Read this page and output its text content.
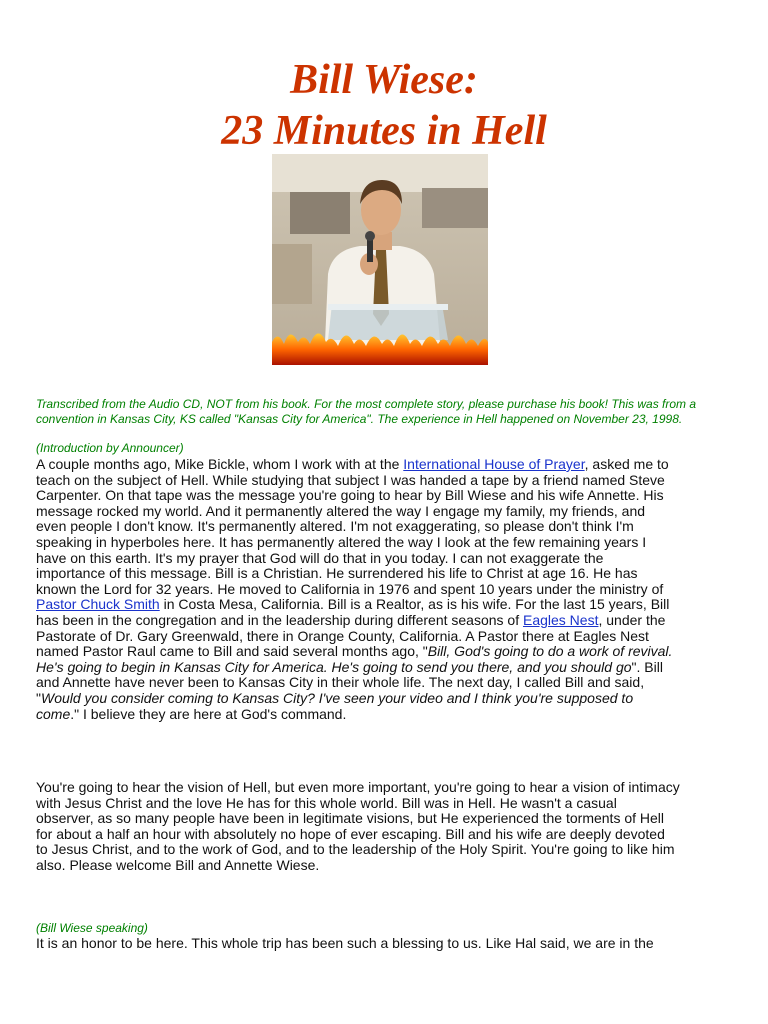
Bill Wiese:
23 Minutes in Hell

Transcribed from the Audio CD, NOT from his book. For the most complete story, please purchase his book! This was from a
convention in Kansas City, KS called "Kansas City for America". The experience in Hell happened on November 23, 1998.

(Introduction by Announcer)

A couple months ago, Mike Bickle, whom I work with at the International House of Prayer, asked me to
teach on the subject of Hell. While studying that subject I was handed a tape by a friend named Steve
Carpenter. On that tape was the message you're going to hear by Bill Wiese and his wife Annette. His
message rocked my world. And it permanently altered the way I engage my family, my friends, and
even people I don't know. It's permanently altered. I'm not exaggerating, so please don't think I'm
speaking in hyperboles here. It has permanently altered the way I look at the few remaining years I
have on this earth. It's my prayer that God will do that in you today. I can not exaggerate the
importance of this message. Bill is a Christian. He surrendered his life to Christ at age 16. He has
known the Lord for 32 years. He moved to California in 1976 and spent 10 years under the ministry of
Pastor Chuck Smith in Costa Mesa, California. Bill is a Realtor, as is his wife. For the last 15 years, Bill
has been in the congregation and in the leadership during different seasons of Eagles Nest, under the
Pastorate of Dr. Gary Greenwald, there in Orange County, California. A Pastor there at Eagles Nest
named Pastor Raul came to Bill and said several months ago, "Bill, God's going to do a work of revival.
He's going to begin in Kansas City for America. He's going to send you there, and you should go". Bill
and Annette have never been to Kansas City in their whole life. The next day, I called Bill and said,
"Would you consider coming to Kansas City? I've seen your video and I think you're supposed to
come." I believe they are here at God's command.
You're going to hear the vision of Hell, but even more important, you're going to hear a vision of intimacy
with Jesus Christ and the love He has for this whole world. Bill was in Hell. He wasn't a casual
observer, as so many people have been in legitimate visions, but He experienced the torments of Hell
for about a half an hour with absolutely no hope of ever escaping. Bill and his wife are deeply devoted
to Jesus Christ, and to the work of God, and to the leadership of the Holy Spirit. You're going to like him
also. Please welcome Bill and Annette Wiese.

(Bill Wiese speaking)

It is an honor to be here. This whole trip has been such a blessing to us. Like Hal said, we are in the
